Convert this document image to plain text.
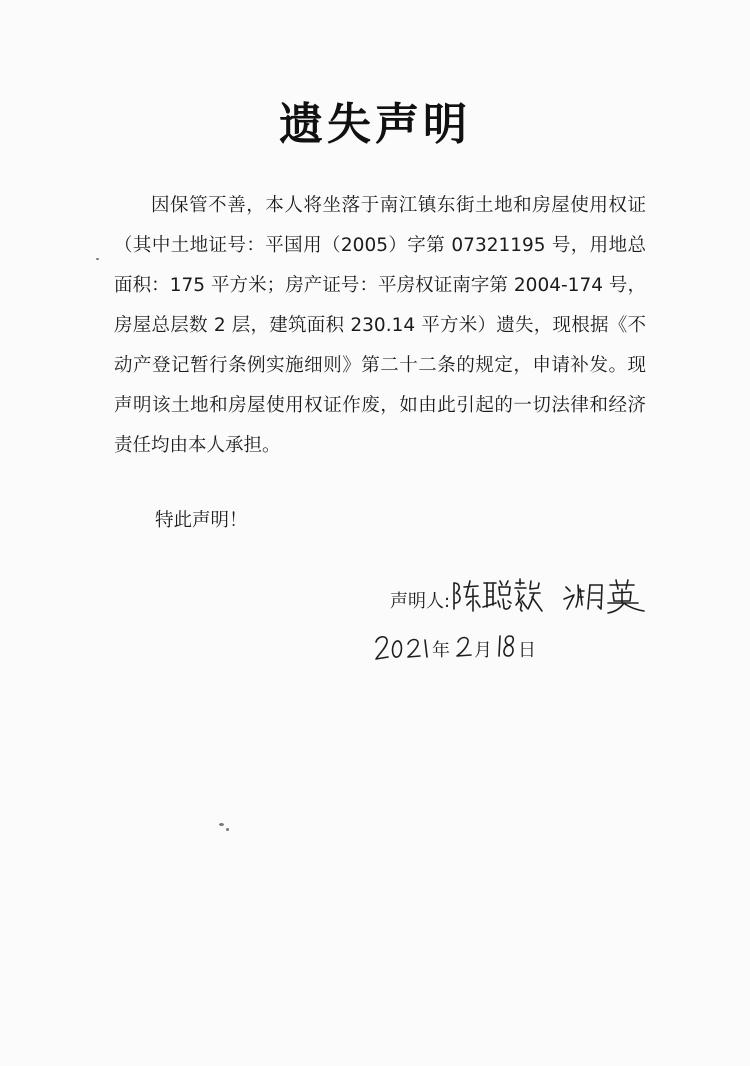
遗失声明

因保管不善，本人将坐落于南江镇东街土地和房屋使用权证（其中土地证号：平国用（2005）字第 07321195 号，用地总面积：175 平方米；房产证号：平房权证南字第 2004-174 号，房屋总层数 2 层，建筑面积 230.14 平方米）遗失，现根据《不动产登记暂行条例实施细则》第二十二条的规定，申请补发。现声明该土地和房屋使用权证作废，如由此引起的一切法律和经济责任均由本人承担。

特此声明！
声明人:
年 月 日
